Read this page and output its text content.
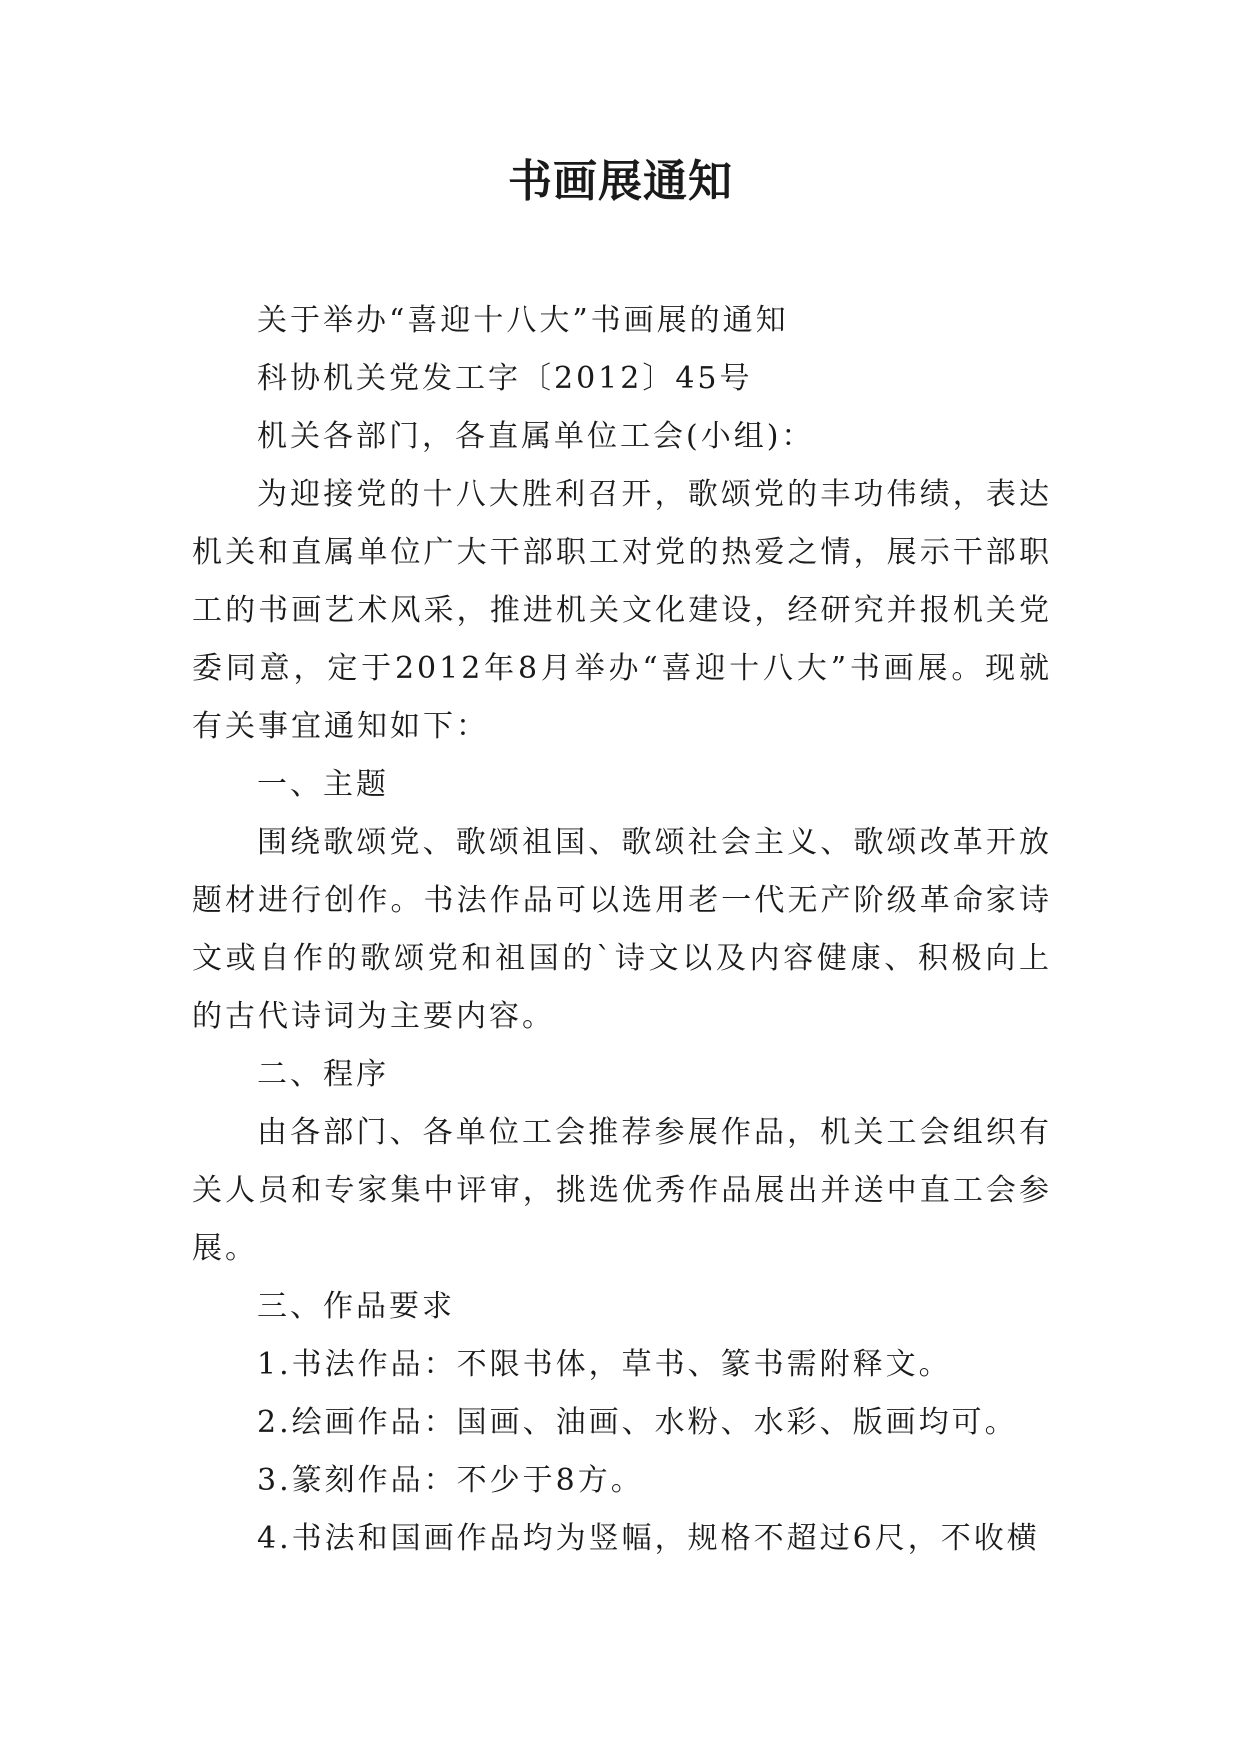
书画展通知

关于举办“喜迎十八大”书画展的通知

科协机关党发工字〔2012〕45号

机关各部门，各直属单位工会(小组)：

为迎接党的十八大胜利召开，歌颂党的丰功伟绩，表达机关和直属单位广大干部职工对党的热爱之情，展示干部职工的书画艺术风采，推进机关文化建设，经研究并报机关党委同意，定于2012年8月举办“喜迎十八大”书画展。现就有关事宜通知如下：

一、主题

围绕歌颂党、歌颂祖国、歌颂社会主义、歌颂改革开放题材进行创作。书法作品可以选用老一代无产阶级革命家诗文或自作的歌颂党和祖国的`诗文以及内容健康、积极向上的古代诗词为主要内容。

二、程序

由各部门、各单位工会推荐参展作品，机关工会组织有关人员和专家集中评审，挑选优秀作品展出并送中直工会参展。

三、作品要求

1.书法作品：不限书体，草书、篆书需附释文。

2.绘画作品：国画、油画、水粉、水彩、版画均可。

3.篆刻作品：不少于8方。

4.书法和国画作品均为竖幅，规格不超过6尺，不收横
